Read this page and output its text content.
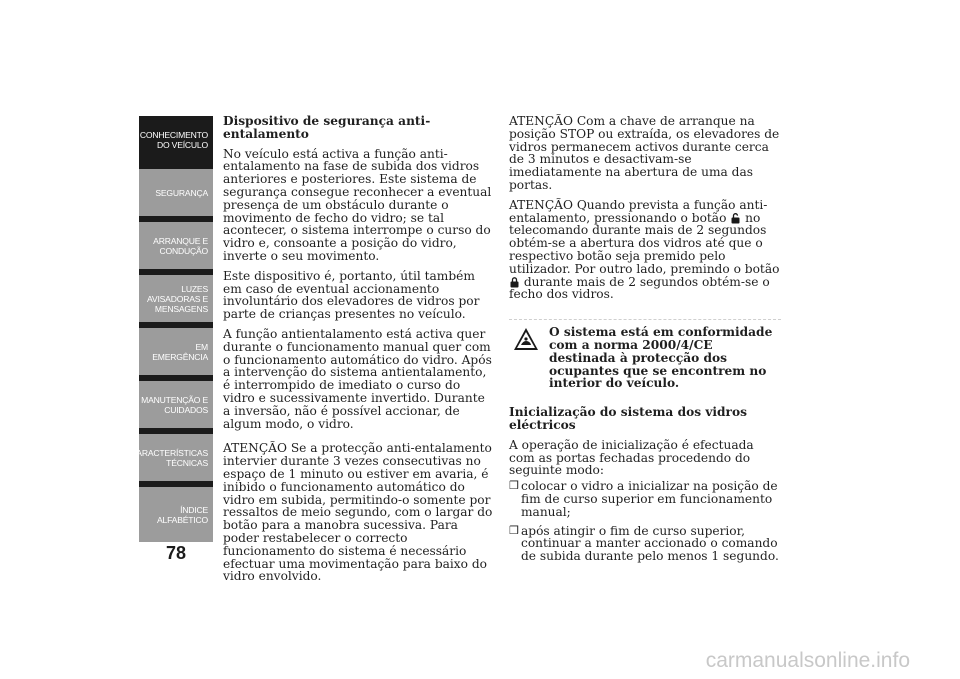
CONHECIMENTO
DO VEÍCULO
SEGURANÇA
ARRANQUE E
CONDUÇÃO
LUZES
AVISADORAS E
MENSAGENS
EM EMERGÊNCIA
MANUTENÇÃO E
CUIDADOS
CARACTERÍSTICAS
TÉCNICAS
ÍNDICE
ALFABÉTICO
78

Dispositivo de segurança anti-entalamento

No veículo está activa a função anti-entalamento na fase de subida dos vidros anteriores e posteriores. Este sistema de segurança consegue reconhecer a eventual presença de um obstáculo durante o movimento de fecho do vidro; se tal acontecer, o sistema interrompe o curso do vidro e, consoante a posição do vidro, inverte o seu movimento.

Este dispositivo é, portanto, útil também em caso de eventual accionamento involuntário dos elevadores de vidros por parte de crianças presentes no veículo.

A função antientalamento está activa quer durante o funcionamento manual quer com o funcionamento automático do vidro. Após a intervenção do sistema antientalamento, é interrompido de imediato o curso do vidro e sucessivamente invertido. Durante a inversão, não é possível accionar, de algum modo, o vidro.

ATENÇÃO Se a protecção anti-entalamento intervier durante 3 vezes consecutivas no espaço de 1 minuto ou estiver em avaria, é inibido o funcionamento automático do vidro em subida, permitindo-o somente por ressaltos de meio segundo, com o largar do botão para a manobra sucessiva. Para poder restabelecer o correcto funcionamento do sistema é necessário efectuar uma movimentação para baixo do vidro envolvido.

ATENÇÃO Com a chave de arranque na posição STOP ou extraída, os elevadores de vidros permanecem activos durante cerca de 3 minutos e desactivam-se imediatamente na abertura de uma das portas.

ATENÇÃO Quando prevista a função anti-entalamento, pressionando o botão no telecomando durante mais de 2 segundos obtém-se a abertura dos vidros até que o respectivo botão seja premido pelo utilizador. Por outro lado, premindo o botão  durante mais de 2 segundos obtém-se o fecho dos vidros.

O sistema está em conformidade com a norma 2000/4/CE destinada à protecção dos ocupantes que se encontrem no interior do veículo.

Inicialização do sistema dos vidros eléctricos

A operação de inicialização é efectuada com as portas fechadas procedendo do seguinte modo:

❒ colocar o vidro a inicializar na posição de fim de curso superior em funcionamento manual;
❒ após atingir o fim de curso superior, continuar a manter accionado o comando de subida durante pelo menos 1 segundo.
carmanualsonline.info
